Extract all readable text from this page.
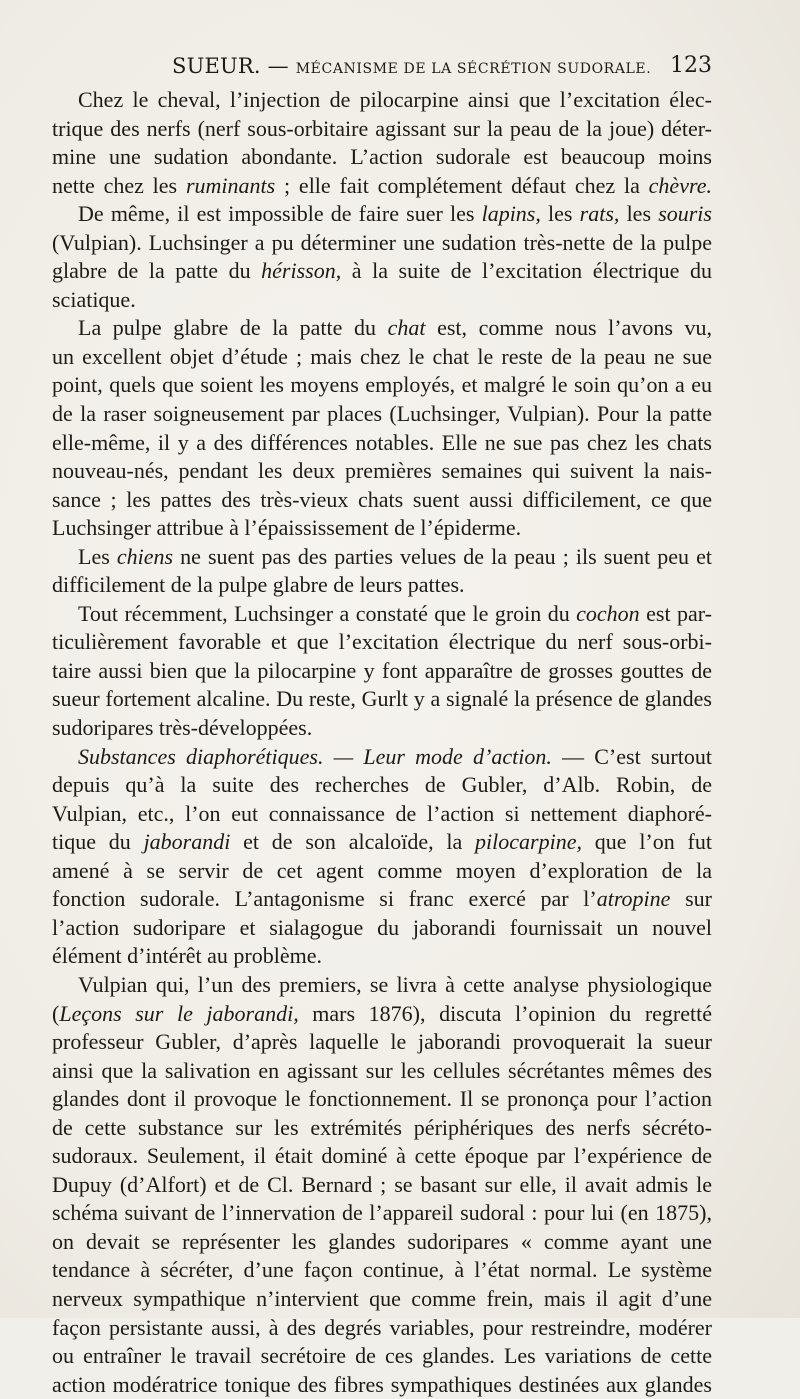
SUEUR. — MÉCANISME DE LA SÉCRÉTION SUDORALE. 123
Chez le cheval, l’injection de pilocarpine ainsi que l’excitation élec-
trique des nerfs (nerf sous-orbitaire agissant sur la peau de la joue) déter-
mine une sudation abondante. L’action sudorale est beaucoup moins
nette chez les ruminants ; elle fait complétement défaut chez la chèvre.
De même, il est impossible de faire suer les lapins, les rats, les souris
(Vulpian). Luchsinger a pu déterminer une sudation très-nette de la pulpe
glabre de la patte du hérisson, à la suite de l’excitation électrique du
sciatique.
La pulpe glabre de la patte du chat est, comme nous l’avons vu,
un excellent objet d’étude ; mais chez le chat le reste de la peau ne sue
point, quels que soient les moyens employés, et malgré le soin qu’on a eu
de la raser soigneusement par places (Luchsinger, Vulpian). Pour la patte
elle-même, il y a des différences notables. Elle ne sue pas chez les chats
nouveau-nés, pendant les deux premières semaines qui suivent la nais-
sance ; les pattes des très-vieux chats suent aussi difficilement, ce que
Luchsinger attribue à l’épaississement de l’épiderme.
Les chiens ne suent pas des parties velues de la peau ; ils suent peu et
difficilement de la pulpe glabre de leurs pattes.
Tout récemment, Luchsinger a constaté que le groin du cochon est par-
ticulièrement favorable et que l’excitation électrique du nerf sous-orbi-
taire aussi bien que la pilocarpine y font apparaître de grosses gouttes de
sueur fortement alcaline. Du reste, Gurlt y a signalé la présence de glandes
sudoripares très-développées.
Substances diaphorétiques. — Leur mode d’action. — C’est surtout
depuis qu’à la suite des recherches de Gubler, d’Alb. Robin, de
Vulpian, etc., l’on eut connaissance de l’action si nettement diaphoré-
tique du jaborandi et de son alcaloïde, la pilocarpine, que l’on fut
amené à se servir de cet agent comme moyen d’exploration de la
fonction sudorale. L’antagonisme si franc exercé par l’atropine sur
l’action sudoripare et sialagogue du jaborandi fournissait un nouvel
élément d’intérêt au problème.
Vulpian qui, l’un des premiers, se livra à cette analyse physiologique
(Leçons sur le jaborandi, mars 1876), discuta l’opinion du regretté
professeur Gubler, d’après laquelle le jaborandi provoquerait la sueur
ainsi que la salivation en agissant sur les cellules sécrétantes mêmes des
glandes dont il provoque le fonctionnement. Il se prononça pour l’action
de cette substance sur les extrémités périphériques des nerfs sécréto-
sudoraux. Seulement, il était dominé à cette époque par l’expérience de
Dupuy (d’Alfort) et de Cl. Bernard ; se basant sur elle, il avait admis le
schéma suivant de l’innervation de l’appareil sudoral : pour lui (en 1875),
on devait se représenter les glandes sudoripares « comme ayant une
tendance à sécréter, d’une façon continue, à l’état normal. Le système
nerveux sympathique n’intervient que comme frein, mais il agit d’une
façon persistante aussi, à des degrés variables, pour restreindre, modérer
ou entraîner le travail secrétoire de ces glandes. Les variations de cette
action modératrice tonique des fibres sympathiques destinées aux glandes
